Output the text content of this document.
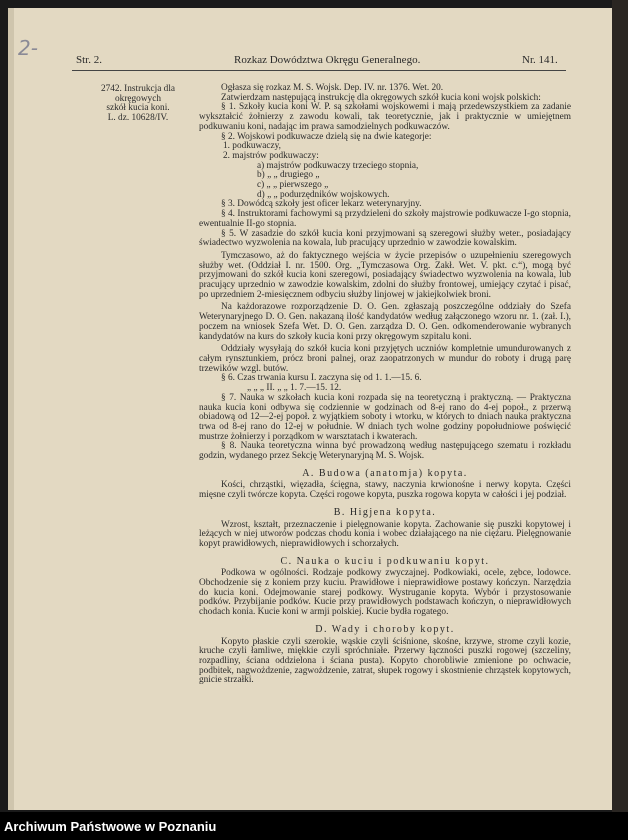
2-	Str. 2.	Rozkaz Dowództwa Okręgu Generalnego.	Nr. 141.
2742. Instrukcja dla
okręgowych
szkół kucia koni.
L. dz. 10628/IV.

Ogłasza się rozkaz M. S. Wojsk. Dep. IV. nr. 1376. Wet. 20.

Zatwierdzam następującą instrukcję dla okręgowych szkół kucia koni wojsk polskich:

§ 1. Szkoły kucia koni W. P. są szkołami wojskowemi i mają przedewszystkiem za zadanie wykształcić żołnierzy z zawodu kowali, tak teoretycznie, jak i praktycznie w umiejętnem podkuwaniu koni, nadając im prawa samodzielnych podkuwaczów.

§ 2. Wojskowi podkuwacze dzielą się na dwie kategorje:

1. podkuwaczy,
2. majstrów podkuwaczy:
a) majstrów podkuwaczy trzeciego stopnia,
b) „ „ drugiego „
c) „ „ pierwszego „
d) „ „ podurzędników wojskowych.

§ 3. Dowódcą szkoły jest oficer lekarz weterynaryjny.

§ 4. Instruktorami fachowymi są przydzieleni do szkoły majstrowie podkuwacze I-go stopnia, ewentualnie II-go stopnia.

§ 5. W zasadzie do szkół kucia koni przyjmowani są szeregowi służby weter., posiadający świadectwo wyzwolenia na kowala, lub pracujący uprzednio w zawodzie kowalskim.

Tymczasowo, aż do faktycznego wejścia w życie przepisów o uzupełnieniu szeregowych służby wet. (Oddział I. nr. 1500. Org. „Tymczasowa Org. Zakł. Wet. V. pkt. c.“), mogą być przyjmowani do szkół kucia koni szeregowi, posiadający świadectwo wyzwolenia na kowala, lub pracujący uprzednio w zawodzie kowalskim, zdolni do służby frontowej, umiejący czytać i pisać, po uprzedniem 2-miesięcznem odbyciu służby linjowej w jakiejkolwiek broni.

Na każdorazowe rozporządzenie D. O. Gen. zgłaszają poszczególne oddziały do Szefa Weterynaryjnego D. O. Gen. nakazaną ilość kandydatów według załączonego wzoru nr. 1. (zał. I.), poczem na wniosek Szefa Wet. D. O. Gen. zarządza D. O. Gen. odkomenderowanie wybranych kandydatów na kurs do szkoły kucia koni przy okręgowym szpitalu koni.

Oddziały wysyłają do szkół kucia koni przyjętych uczniów kompletnie umundurowanych z całym rynsztunkiem, prócz broni palnej, oraz zaopatrzonych w mundur do roboty i drugą parę trzewików wzgl. butów.

§ 6. Czas trwania kursu I. zaczyna się od 1. 1.—15. 6.

„ „ „ II. „ „ 1. 7.—15. 12.

§ 7. Nauka w szkołach kucia koni rozpada się na teoretyczną i praktyczną. — Praktyczna nauka kucia koni odbywa się codziennie w godzinach od 8-ej rano do 4-ej popoł., z przerwą obiadową od 12—2-ej popoł. z wyjątkiem soboty i wtorku, w których to dniach nauka praktyczna trwa od 8-ej rano do 12-ej w południe. W dniach tych wolne godziny popołudniowe poświęcić mustrze żołnierzy i porządkom w warsztatach i kwaterach.

§ 8. Nauka teoretyczna winna być prowadzoną według następującego szematu i rozkładu godzin, wydanego przez Sekcję Weterynaryjną M. S. Wojsk.

A. Budowa (anatomja) kopyta.

Kości, chrząstki, więzadła, ścięgna, stawy, naczynia krwionośne i nerwy kopyta. Części mięsne czyli twórcze kopyta. Części rogowe kopyta, puszka rogowa kopyta w całości i jej podział.

B. Higjena kopyta.

Wzrost, kształt, przeznaczenie i pielęgnowanie kopyta. Zachowanie się puszki kopytowej i leżących w niej utworów podczas chodu konia i wobec działającego na nie ciężaru. Pielęgnowanie kopyt prawidłowych, nieprawidłowych i schorzałych.

C. Nauka o kuciu i podkuwaniu kopyt.

Podkowa w ogólności. Rodzaje podkowy zwyczajnej. Podkowiaki, ocele, zębce, lodowce. Obchodzenie się z koniem przy kuciu. Prawidłowe i nieprawidłowe postawy kończyn. Narzędzia do kucia koni. Odejmowanie starej podkowy. Wystruganie kopyta. Wybór i przystosowanie podków. Przybijanie podków. Kucie przy prawidłowych podstawach kończyn, o nieprawidłowych chodach konia. Kucie koni w armji polskiej. Kucie bydła rogatego.

D. Wady i choroby kopyt.

Kopyto płaskie czyli szerokie, wąskie czyli ściśnione, skośne, krzywe, strome czyli kozie, kruche czyli łamliwe, miękkie czyli spróchniałe. Przerwy łączności puszki rogowej (szczeliny, rozpadliny, ściana oddzielona i ściana pusta). Kopyto chorobliwie zmienione po ochwacie, podbitek, nagwożdzenie, zagwożdzenie, zatrat, słupek rogowy i skostnienie chrząstek kopytowych, gnicie strzałki.

Archiwum Państwowe w Poznaniu
